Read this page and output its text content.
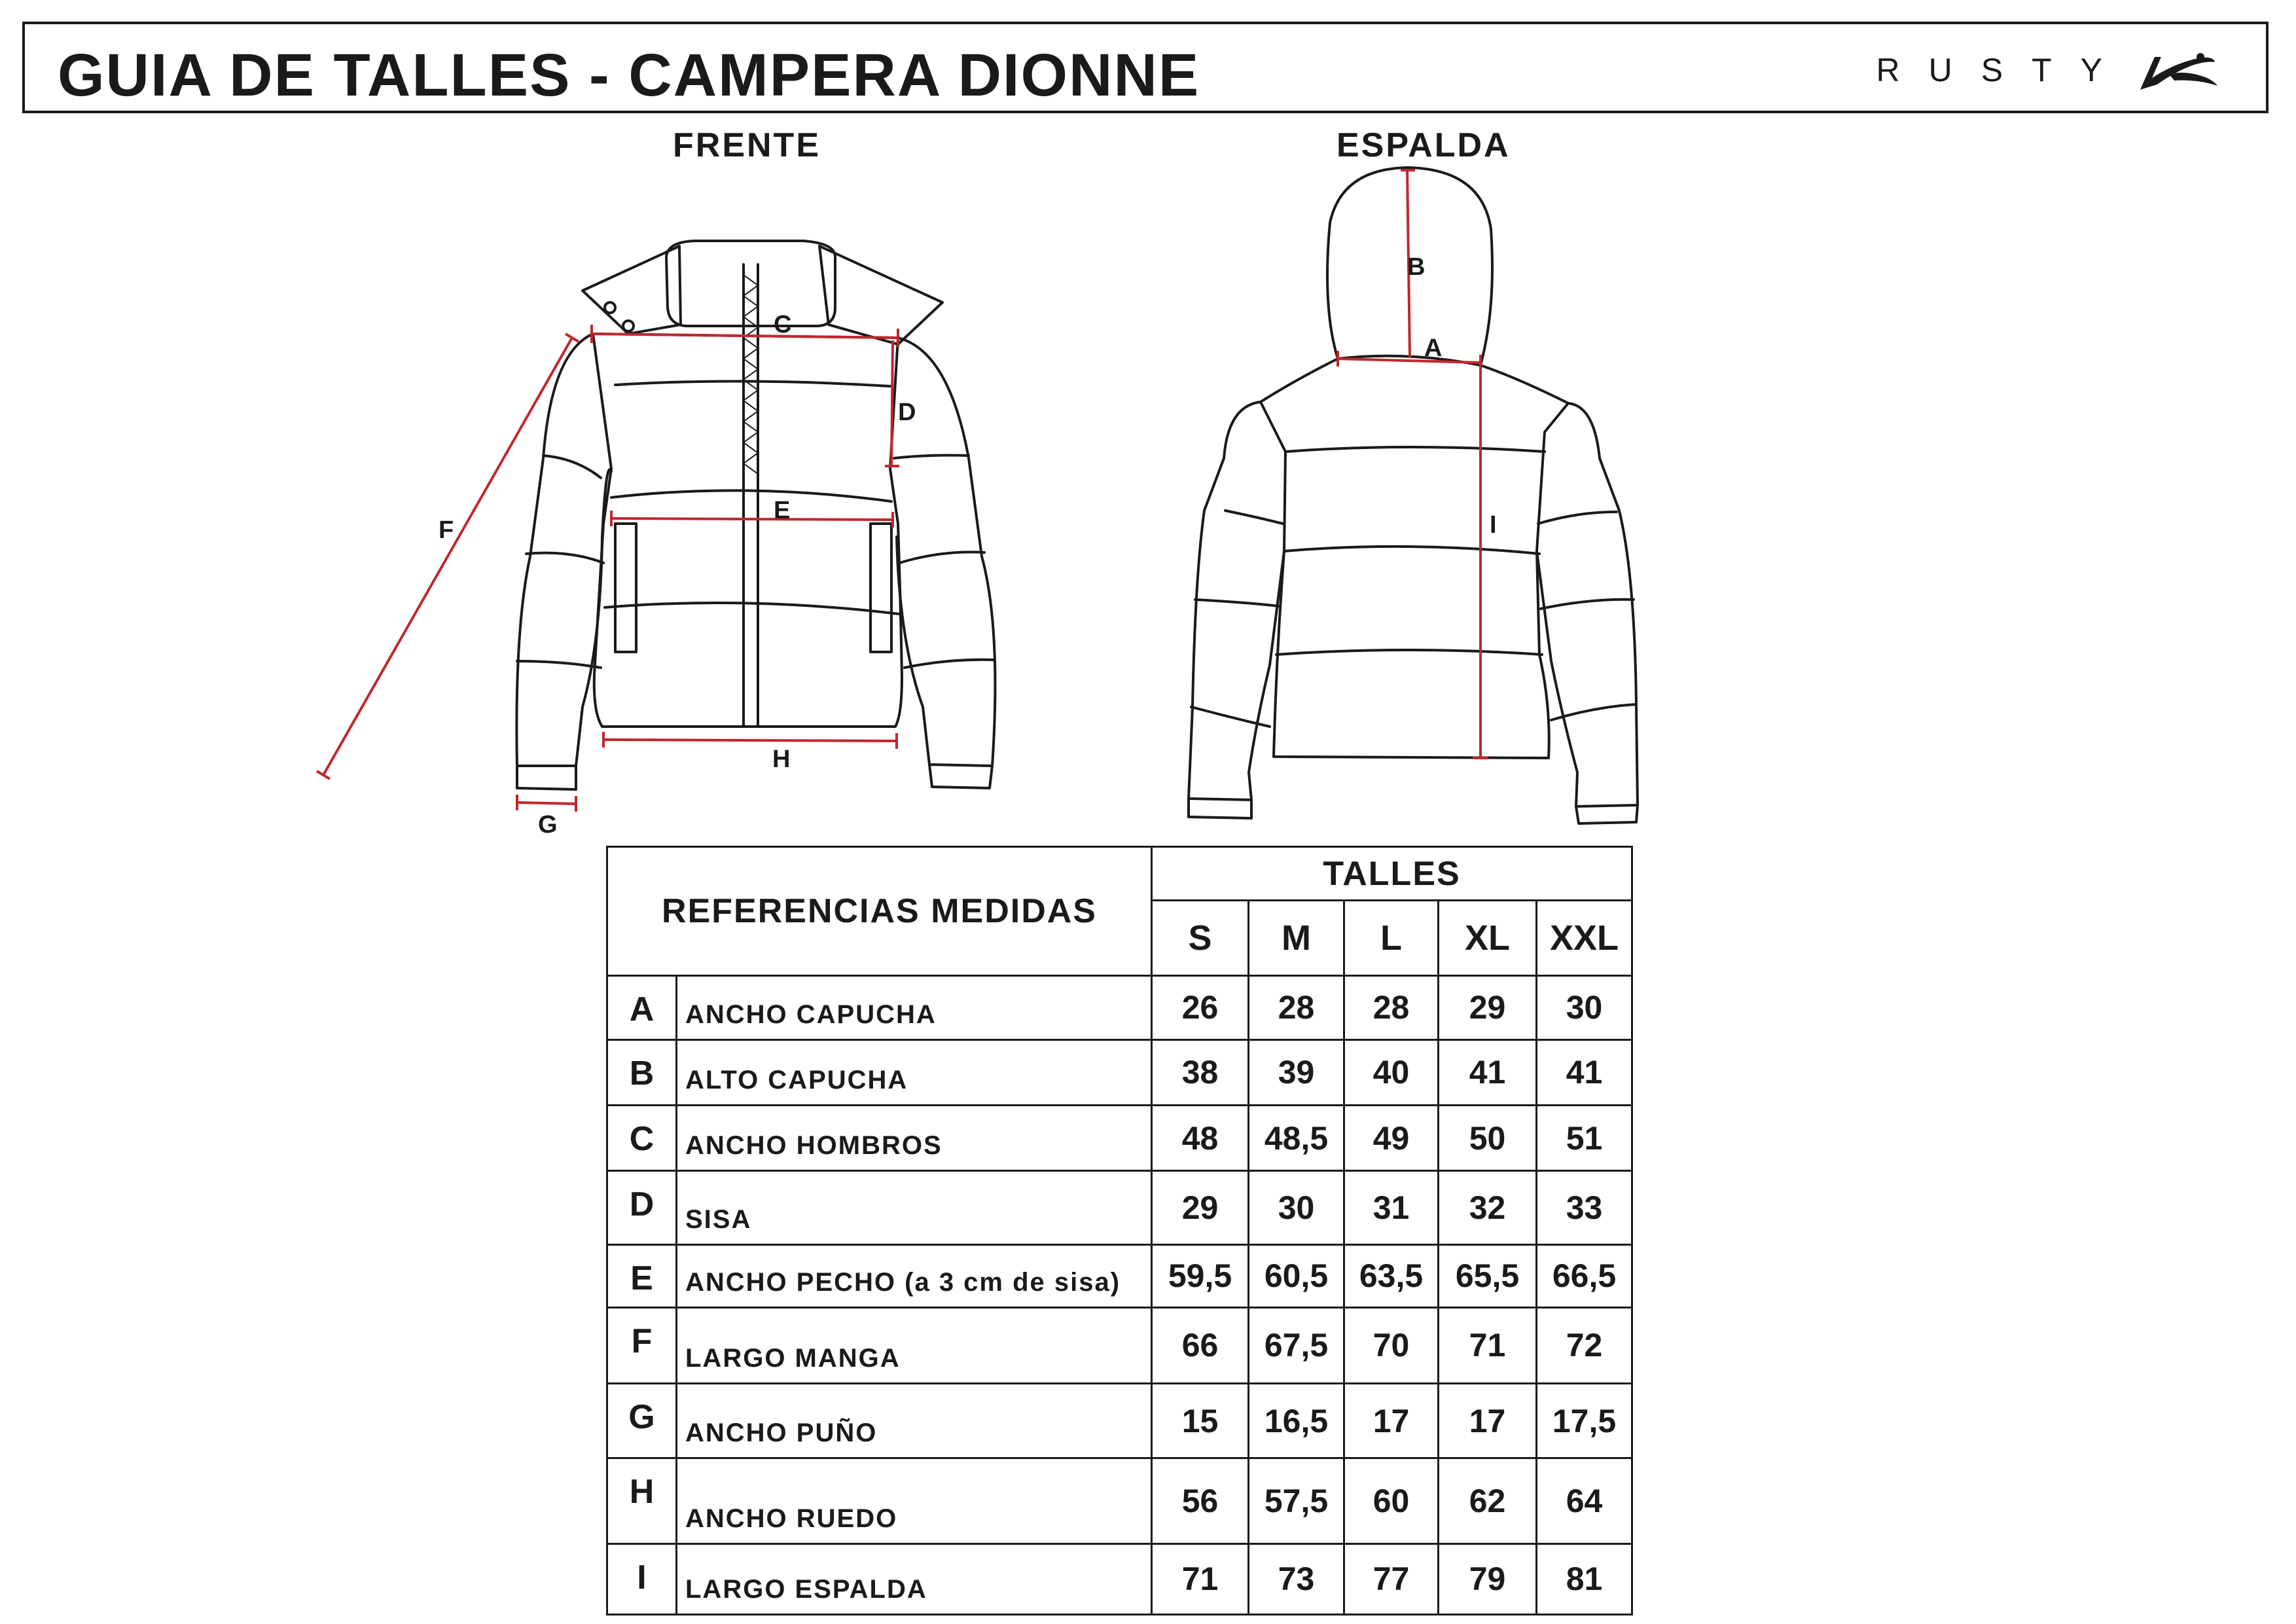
GUIA DE TALLES - CAMPERA DIONNE	RUSTY
FRENTE	ESPALDA
C
D
E
F
G
H
A
B
I
REFERENCIAS MEDIDAS		TALLES				
		S	M	L	XL	XXL
A	ANCHO CAPUCHA	26	28	28	29	30
B	ALTO CAPUCHA	38	39	40	41	41
C	ANCHO HOMBROS	48	48,5	49	50	51
D	SISA	29	30	31	32	33
E	ANCHO PECHO (a 3 cm de sisa)	59,5	60,5	63,5	65,5	66,5
F	LARGO MANGA	66	67,5	70	71	72
G	ANCHO PUÑO	15	16,5	17	17	17,5
H	ANCHO RUEDO	56	57,5	60	62	64
I	LARGO ESPALDA	71	73	77	79	81
